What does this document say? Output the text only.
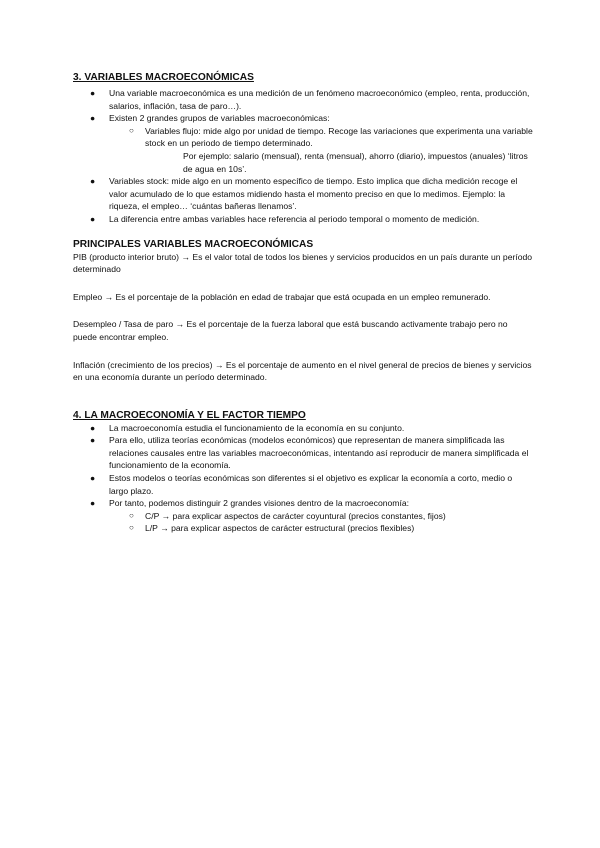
3. VARIABLES MACROECONÓMICAS

● Una variable macroeconómica es una medición de un fenómeno macroeconómico (empleo, renta, producción, salarios, inflación, tasa de paro…).
● Existen 2 grandes grupos de variables macroeconómicas:
○ Variables flujo: mide algo por unidad de tiempo. Recoge las variaciones que experimenta una variable stock en un periodo de tiempo determinado.
Por ejemplo: salario (mensual), renta (mensual), ahorro (diario), impuestos (anuales) ‘litros de agua en 10s’.
● Variables stock: mide algo en un momento específico de tiempo. Esto implica que dicha medición recoge el valor acumulado de lo que estamos midiendo hasta el momento preciso en que lo medimos. Ejemplo: la riqueza, el empleo… ‘cuántas bañeras llenamos’.
● La diferencia entre ambas variables hace referencia al periodo temporal o momento de medición.

PRINCIPALES VARIABLES MACROECONÓMICAS

PIB (producto interior bruto) → Es el valor total de todos los bienes y servicios producidos en un país durante un período determinado

Empleo → Es el porcentaje de la población en edad de trabajar que está ocupada en un empleo remunerado.

Desempleo / Tasa de paro → Es el porcentaje de la fuerza laboral que está buscando activamente trabajo pero no puede encontrar empleo.

Inflación (crecimiento de los precios) → Es el porcentaje de aumento en el nivel general de precios de bienes y servicios en una economía durante un período determinado.

4. LA MACROECONOMÍA Y EL FACTOR TIEMPO

● La macroeconomía estudia el funcionamiento de la economía en su conjunto.
● Para ello, utiliza teorías económicas (modelos económicos) que representan de manera simplificada las relaciones causales entre las variables macroeconómicas, intentando así reproducir de manera simplificada el funcionamiento de la economía.
● Estos modelos o teorías económicas son diferentes si el objetivo es explicar la economía a corto, medio o largo plazo.
● Por tanto, podemos distinguir 2 grandes visiones dentro de la macroeconomía:
○ C/P → para explicar aspectos de carácter coyuntural (precios constantes, fijos)
○ L/P → para explicar aspectos de carácter estructural (precios flexibles)
